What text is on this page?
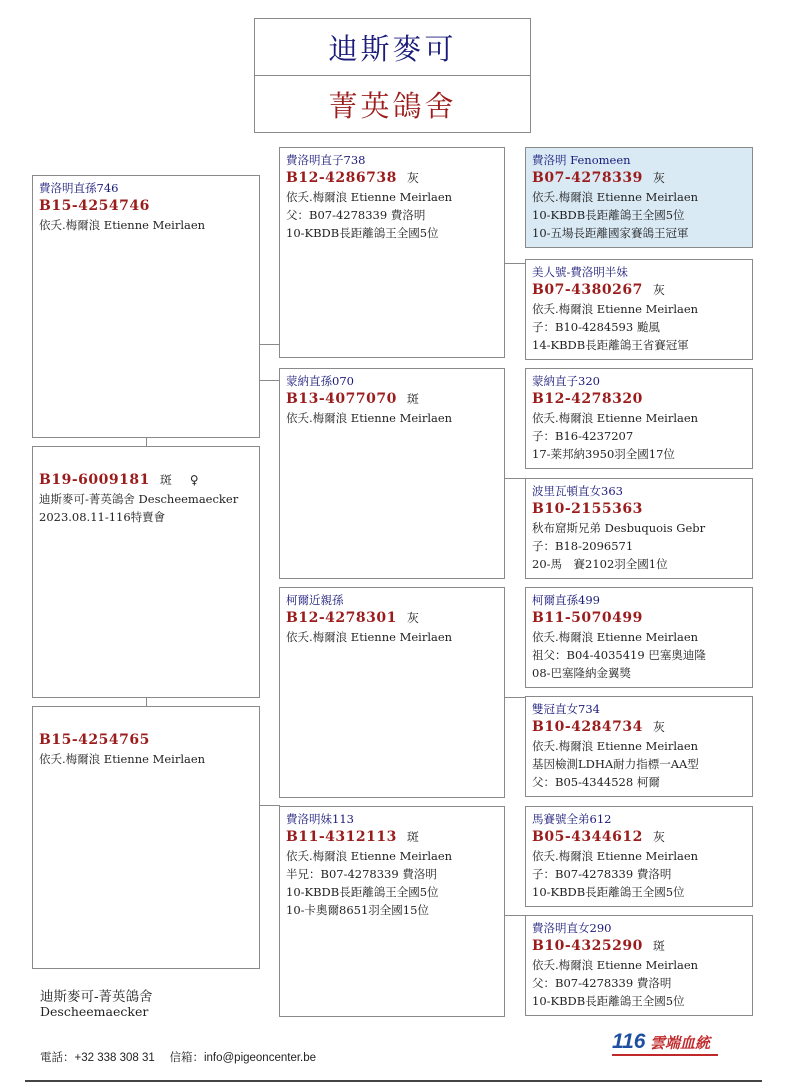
迪斯麥可
菁英鴿舍
費洛明直孫746
B15-4254746
依夭.梅爾浪 Etienne Meirlaen
B19-6009181 斑 ♀
迪斯麥可-菁英鴿舍 Descheemaecker
2023.08.11-116特賣會
B15-4254765
依夭.梅爾浪 Etienne Meirlaen
費洛明直子738
B12-4286738 灰
依夭.梅爾浪 Etienne Meirlaen
父：B07-4278339 費洛明
10-KBDB長距離鴿王全國5位
蒙納直孫070
B13-4077070 斑
依夭.梅爾浪 Etienne Meirlaen
柯爾近親孫
B12-4278301 灰
依夭.梅爾浪 Etienne Meirlaen
費洛明妹113
B11-4312113 斑
依夭.梅爾浪 Etienne Meirlaen
半兄：B07-4278339 費洛明
10-KBDB長距離鴿王全國5位
10-卡奧爾8651羽全國15位
費洛明 Fenomeen
B07-4278339 灰
依夭.梅爾浪 Etienne Meirlaen
10-KBDB長距離鴿王全國5位
10-五場長距離國家賽鴿王冠軍
美人號-費洛明半妹
B07-4380267 灰
依夭.梅爾浪 Etienne Meirlaen
子：B10-4284593 颱風
14-KBDB長距離鴿王省賽冠軍
蒙納直子320
B12-4278320
依夭.梅爾浪 Etienne Meirlaen
子：B16-4237207
17-莱邦納3950羽全國17位
波里瓦頓直女363
B10-2155363
秋布窟斯兄弟 Desbuquois Gebr
子：B18-2096571
20-馬　賽2102羽全國1位
柯爾直孫499
B11-5070499
依夭.梅爾浪 Etienne Meirlaen
祖父：B04-4035419 巴塞奧迪隆
08-巴塞隆納金翼獎
雙冠直女734
B10-4284734 灰
依夭.梅爾浪 Etienne Meirlaen
基因檢測LDHA耐力指標一AA型
父：B05-4344528 柯爾
馬賽號全弟612
B05-4344612 灰
依夭.梅爾浪 Etienne Meirlaen
子：B07-4278339 費洛明
10-KBDB長距離鴿王全國5位
費洛明直女290
B10-4325290 斑
依夭.梅爾浪 Etienne Meirlaen
父：B07-4278339 費洛明
10-KBDB長距離鴿王全國5位
迪斯麥可-菁英鴿舍
Descheemaecker
電話：+32 338 308 31　 信箱：info@pigeoncenter.be
116 雲端血統
